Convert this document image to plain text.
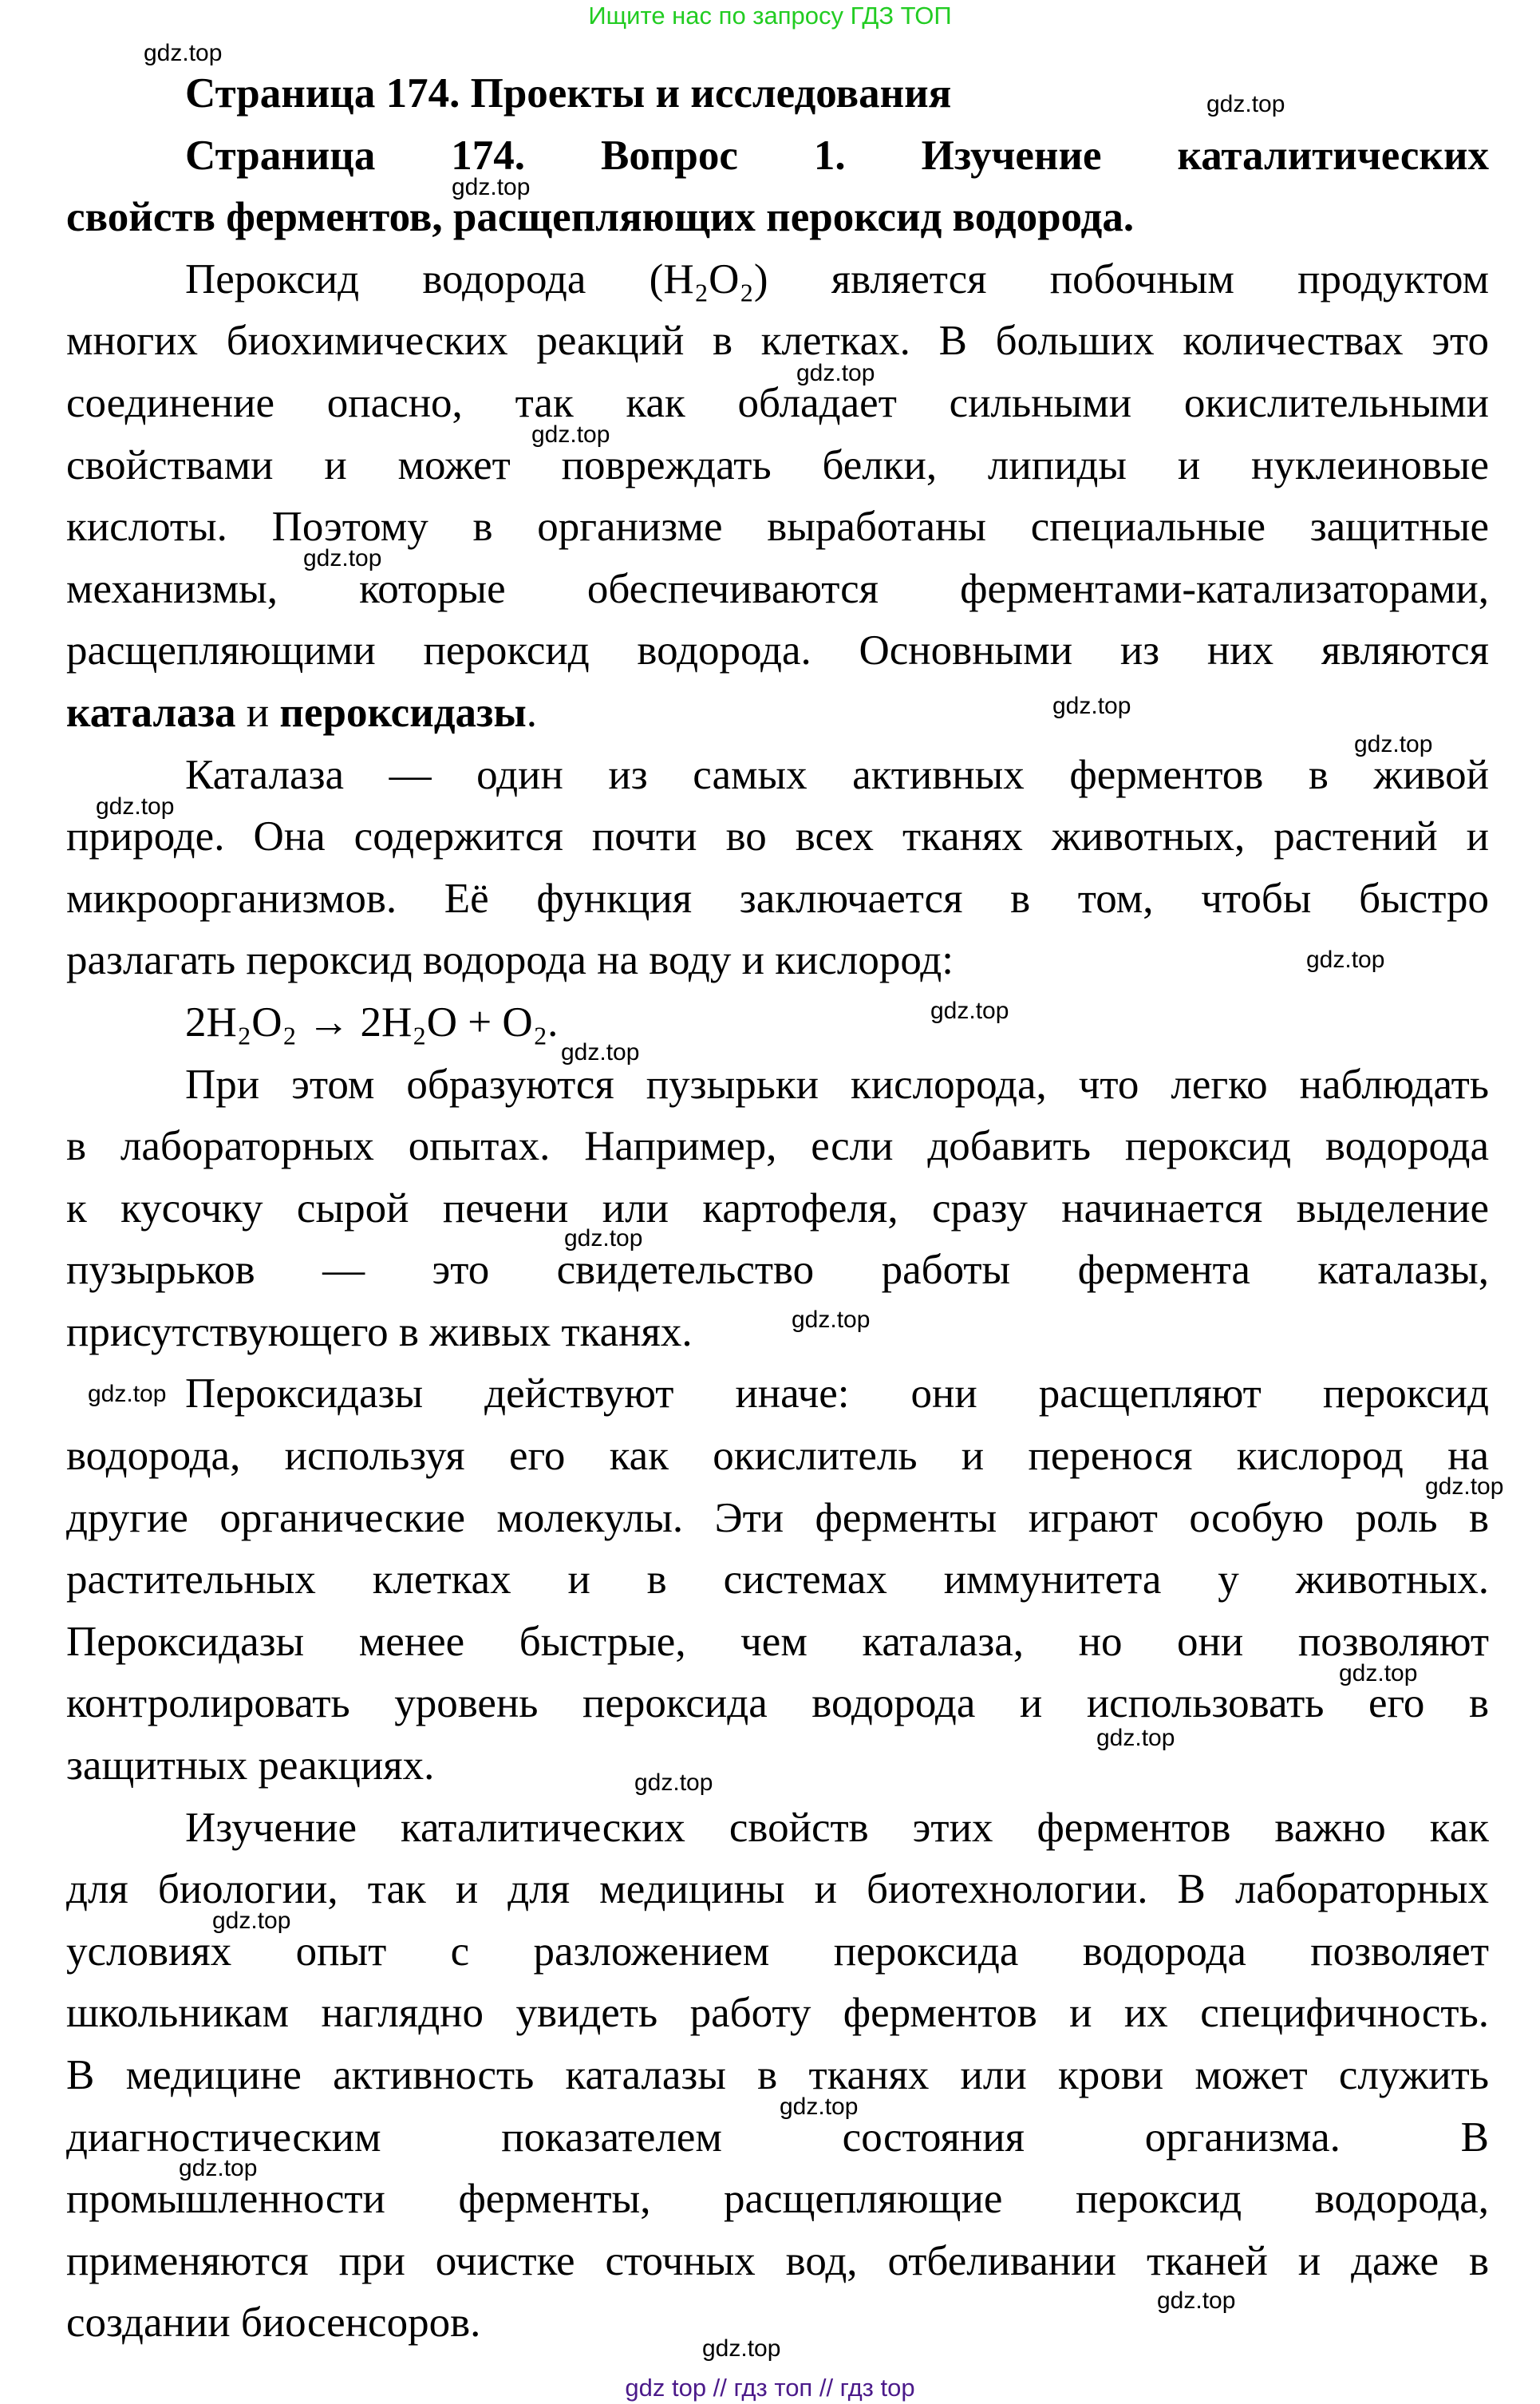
Ищите нас по запросу ГДЗ ТОП
Страница 174. Проекты и исследования
Страница 174. Вопрос 1. Изучение каталитических
свойств ферментов, расщепляющих пероксид водорода.
Пероксид водорода (H₂O₂) является побочным продуктом
многих биохимических реакций в клетках. В больших количествах это
соединение опасно, так как обладает сильными окислительными
свойствами и может повреждать белки, липиды и нуклеиновые
кислоты. Поэтому в организме выработаны специальные защитные
механизмы, которые обеспечиваются ферментами-катализаторами,
расщепляющими пероксид водорода. Основными из них являются
каталаза и пероксидазы.
Каталаза — один из самых активных ферментов в живой
природе. Она содержится почти во всех тканях животных, растений и
микроорганизмов. Её функция заключается в том, чтобы быстро
разлагать пероксид водорода на воду и кислород:
2H₂O₂ → 2H₂O + O₂.
При этом образуются пузырьки кислорода, что легко наблюдать
в лабораторных опытах. Например, если добавить пероксид водорода
к кусочку сырой печени или картофеля, сразу начинается выделение
пузырьков — это свидетельство работы фермента каталазы,
присутствующего в живых тканях.
Пероксидазы действуют иначе: они расщепляют пероксид
водорода, используя его как окислитель и перенося кислород на
другие органические молекулы. Эти ферменты играют особую роль в
растительных клетках и в системах иммунитета у животных.
Пероксидазы менее быстрые, чем каталаза, но они позволяют
контролировать уровень пероксида водорода и использовать его в
защитных реакциях.
Изучение каталитических свойств этих ферментов важно как
для биологии, так и для медицины и биотехнологии. В лабораторных
условиях опыт с разложением пероксида водорода позволяет
школьникам наглядно увидеть работу ферментов и их специфичность.
В медицине активность каталазы в тканях или крови может служить
диагностическим показателем состояния организма. В
промышленности ферменты, расщепляющие пероксид водорода,
применяются при очистке сточных вод, отбеливании тканей и даже в
создании биосенсоров.
gdz.top
gdz.top
gdz.top
gdz.top
gdz.top
gdz.top
gdz.top
gdz.top
gdz.top
gdz.top
gdz.top
gdz.top
gdz.top
gdz.top
gdz.top
gdz.top
gdz.top
gdz.top
gdz.top
gdz.top
gdz.top
gdz.top
gdz.top
gdz.top
gdz top // гдз топ // гдз top
